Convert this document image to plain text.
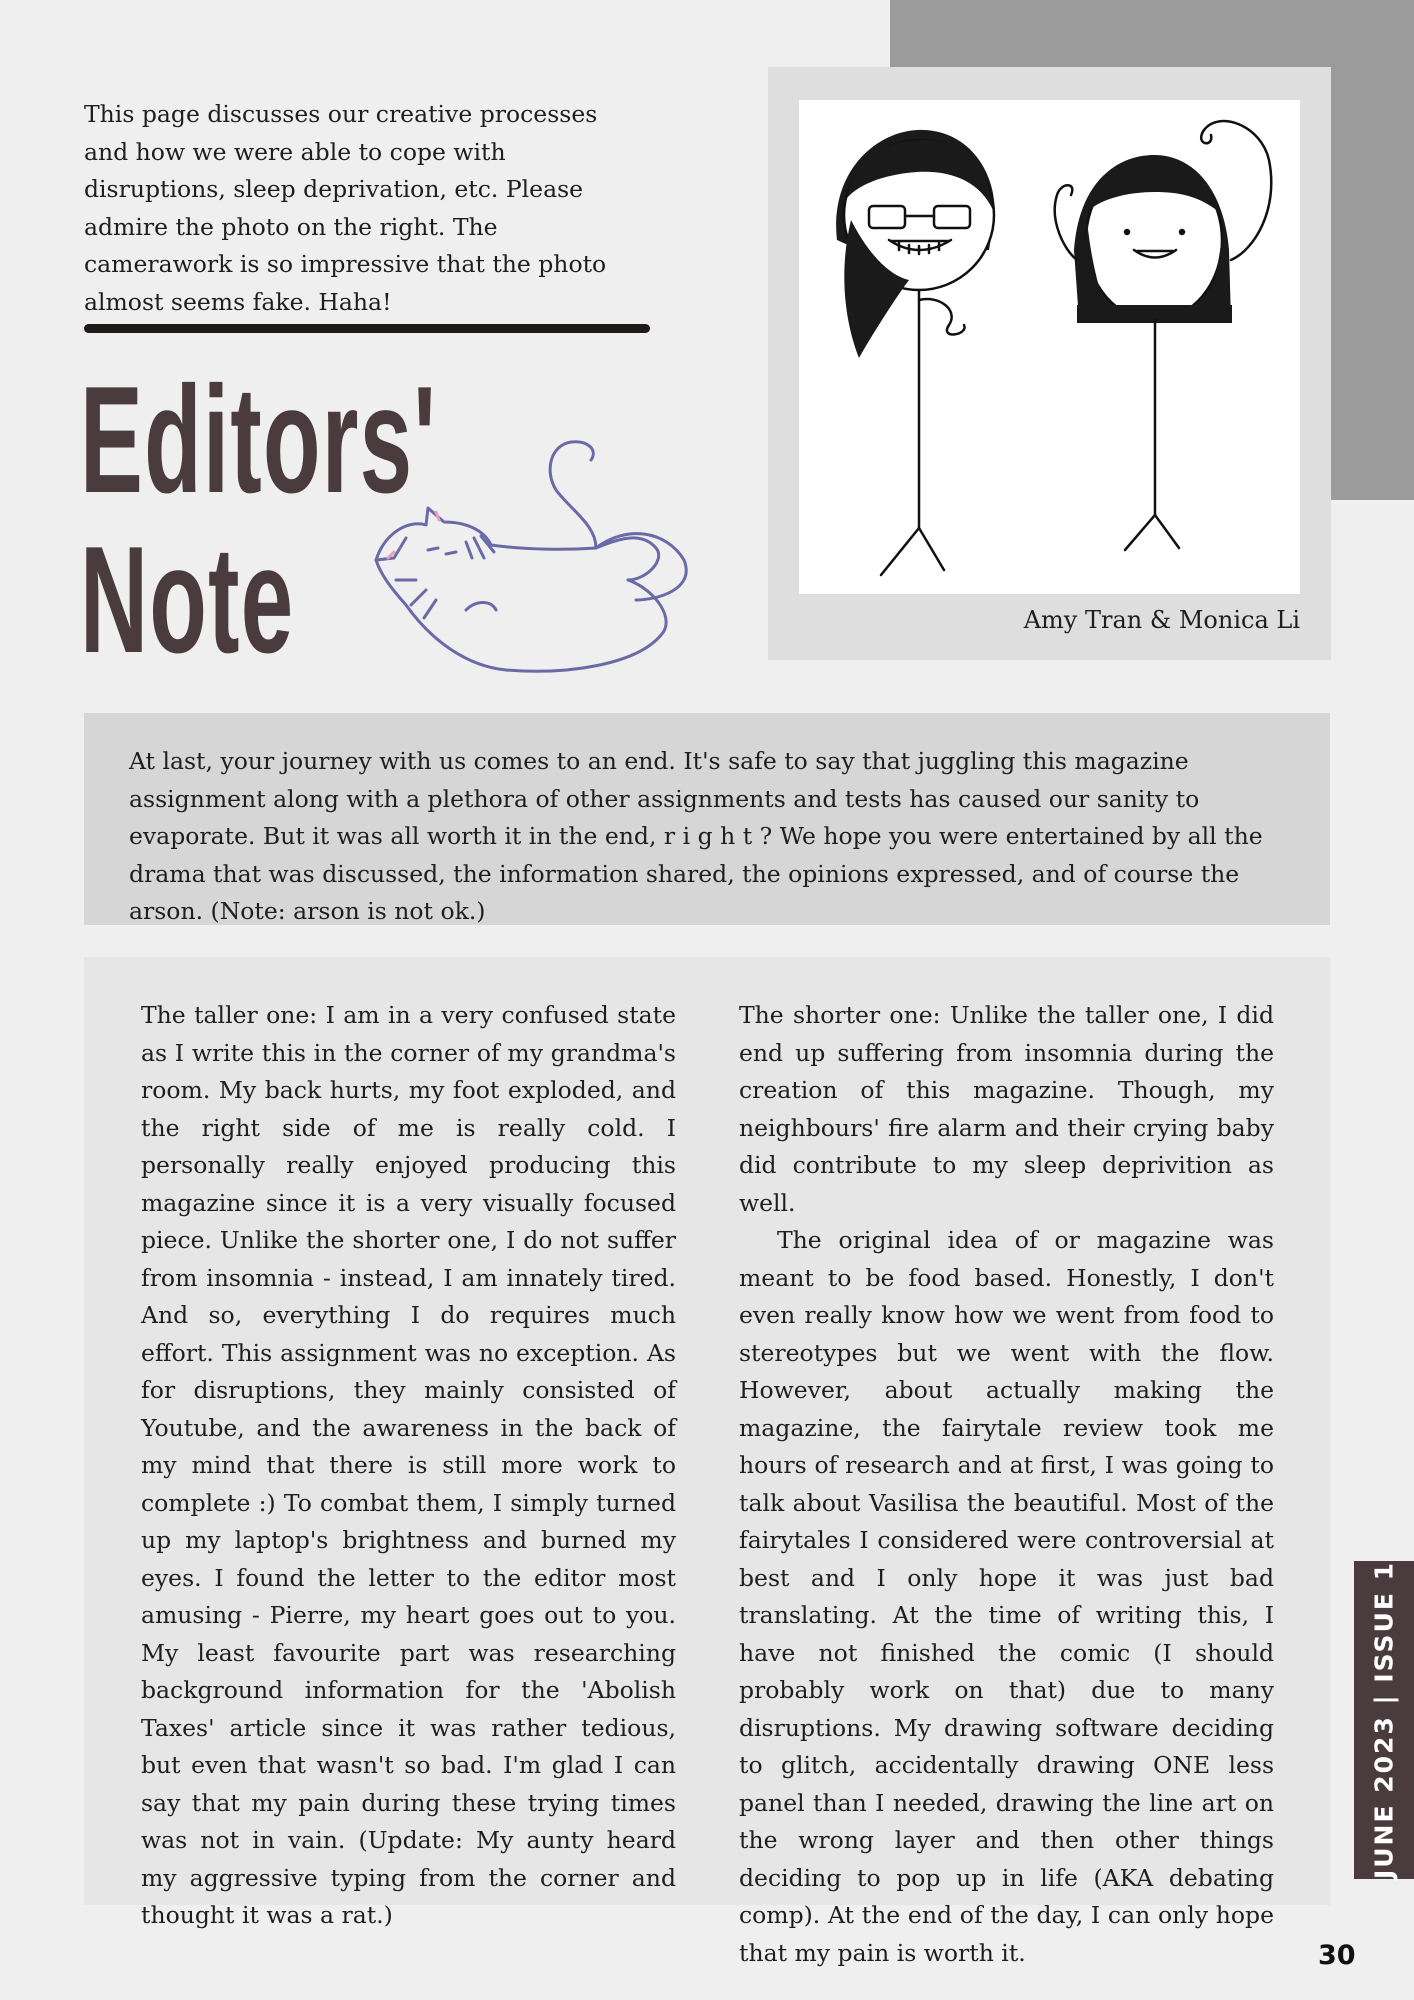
Amy Tran & Monica Li

This page discusses our creative processes and how we were able to cope with disruptions, sleep deprivation, etc. Please admire the photo on the right. The camerawork is so impressive that the photo almost seems fake. Haha!

Editors'
Note

At last, your journey with us comes to an end. It's safe to say that juggling this magazine assignment along with a plethora of other assignments and tests has caused our sanity to evaporate. But it was all worth it in the end, r i g h t ? We hope you were entertained by all the drama that was discussed, the information shared, the opinions expressed, and of course the arson. (Note: arson is not ok.)

The taller one: I am in a very confused state as I write this in the corner of my grandma's room. My back hurts, my foot exploded, and the right side of me is really cold. I personally really enjoyed producing this magazine since it is a very visually focused piece. Unlike the shorter one, I do not suffer from insomnia - instead, I am innately tired. And so, everything I do requires much effort. This assignment was no exception. As for disruptions, they mainly consisted of Youtube, and the awareness in the back of my mind that there is still more work to complete :) To combat them, I simply turned up my laptop's brightness and burned my eyes. I found the letter to the editor most amusing - Pierre, my heart goes out to you. My least favourite part was researching background information for the 'Abolish Taxes' article since it was rather tedious, but even that wasn't so bad. I'm glad I can say that my pain during these trying times was not in vain. (Update: My aunty heard my aggressive typing from the corner and thought it was a rat.)

The shorter one: Unlike the taller one, I did end up suffering from insomnia during the creation of this magazine. Though, my neighbours' fire alarm and their crying baby did contribute to my sleep deprivition as well.

The original idea of or magazine was meant to be food based. Honestly, I don't even really know how we went from food to stereotypes but we went with the flow. However, about actually making the magazine, the fairytale review took me hours of research and at first, I was going to talk about Vasilisa the beautiful. Most of the fairytales I considered were controversial at best and I only hope it was just bad translating. At the time of writing this, I have not finished the comic (I should probably work on that) due to many disruptions. My drawing software deciding to glitch, accidentally drawing ONE less panel than I needed, drawing the line art on the wrong layer and then other things deciding to pop up in life (AKA debating comp). At the end of the day, I can only hope that my pain is worth it.

JUNE 2023 | ISSUE 1
30
